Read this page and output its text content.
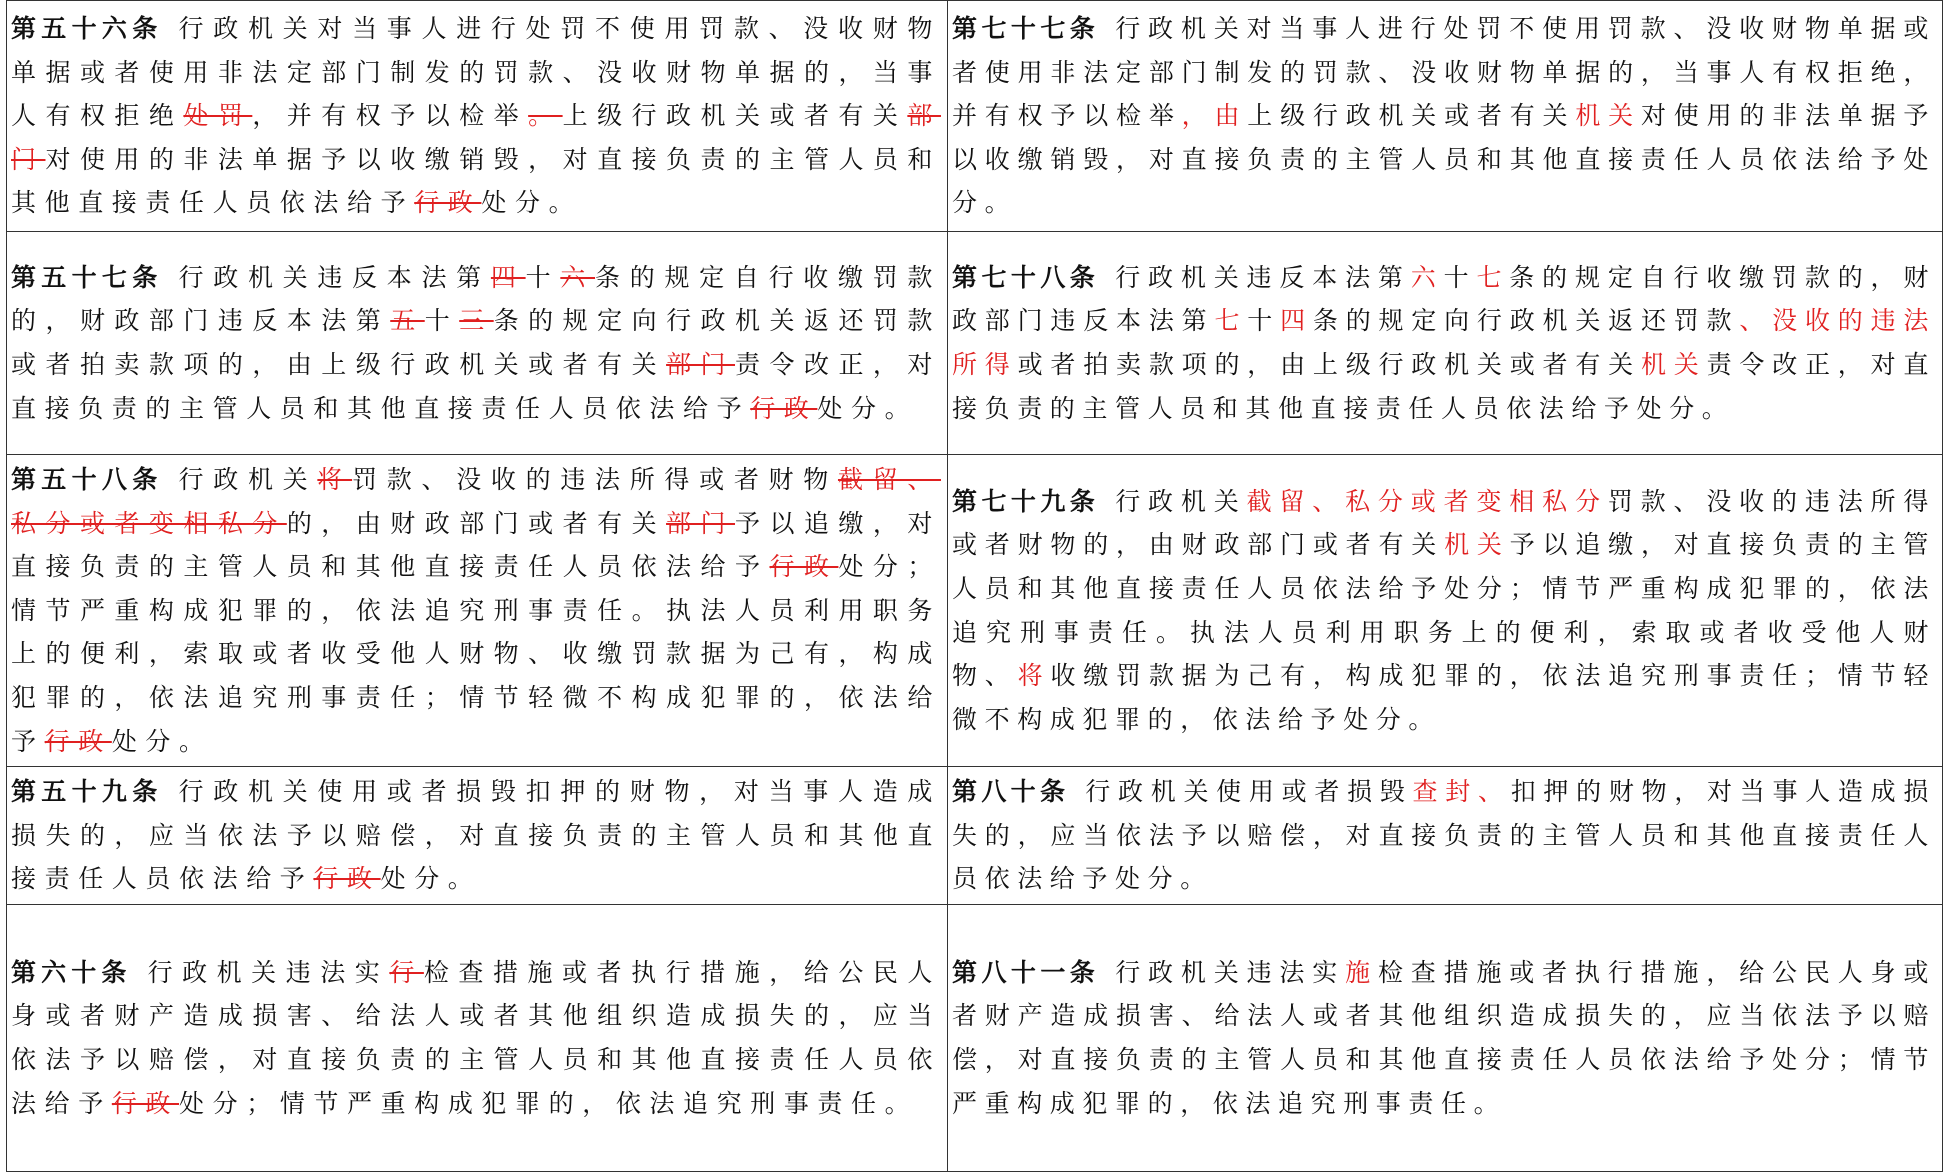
第五十六条 行政机关对当事人进行处罚不使用罚款、没收财物单据或者使用非法定部门制发的罚款、没收财物单据的，当事人有权拒绝处罚，并有权予以检举。上级行政机关或者有关部门对使用的非法单据予以收缴销毁，对直接负责的主管人员和其他直接责任人员依法给予行政处分。	第七十七条 行政机关对当事人进行处罚不使用罚款、没收财物单据或者使用非法定部门制发的罚款、没收财物单据的，当事人有权拒绝，并有权予以检举，由上级行政机关或者有关机关对使用的非法单据予以收缴销毁，对直接负责的主管人员和其他直接责任人员依法给予处分。
第五十七条 行政机关违反本法第四十六条的规定自行收缴罚款的，财政部门违反本法第五十三条的规定向行政机关返还罚款或者拍卖款项的，由上级行政机关或者有关部门责令改正，对直接负责的主管人员和其他直接责任人员依法给予行政处分。	第七十八条 行政机关违反本法第六十七条的规定自行收缴罚款的，财政部门违反本法第七十四条的规定向行政机关返还罚款、没收的违法所得或者拍卖款项的，由上级行政机关或者有关机关责令改正，对直接负责的主管人员和其他直接责任人员依法给予处分。
第五十八条 行政机关将罚款、没收的违法所得或者财物截留、私分或者变相私分的，由财政部门或者有关部门予以追缴，对直接负责的主管人员和其他直接责任人员依法给予行政处分；情节严重构成犯罪的，依法追究刑事责任。执法人员利用职务上的便利，索取或者收受他人财物、收缴罚款据为己有，构成犯罪的，依法追究刑事责任；情节轻微不构成犯罪的，依法给予行政处分。	第七十九条 行政机关截留、私分或者变相私分罚款、没收的违法所得或者财物的，由财政部门或者有关机关予以追缴，对直接负责的主管人员和其他直接责任人员依法给予处分；情节严重构成犯罪的，依法追究刑事责任。执法人员利用职务上的便利，索取或者收受他人财物、将收缴罚款据为己有，构成犯罪的，依法追究刑事责任；情节轻微不构成犯罪的，依法给予处分。
第五十九条 行政机关使用或者损毁扣押的财物，对当事人造成损失的，应当依法予以赔偿，对直接负责的主管人员和其他直接责任人员依法给予行政处分。	第八十条 行政机关使用或者损毁查封、扣押的财物，对当事人造成损失的，应当依法予以赔偿，对直接负责的主管人员和其他直接责任人员依法给予处分。
第六十条 行政机关违法实行检查措施或者执行措施，给公民人身或者财产造成损害、给法人或者其他组织造成损失的，应当依法予以赔偿，对直接负责的主管人员和其他直接责任人员依法给予行政处分；情节严重构成犯罪的，依法追究刑事责任。	第八十一条 行政机关违法实施检查措施或者执行措施，给公民人身或者财产造成损害、给法人或者其他组织造成损失的，应当依法予以赔偿，对直接负责的主管人员和其他直接责任人员依法给予处分；情节严重构成犯罪的，依法追究刑事责任。
